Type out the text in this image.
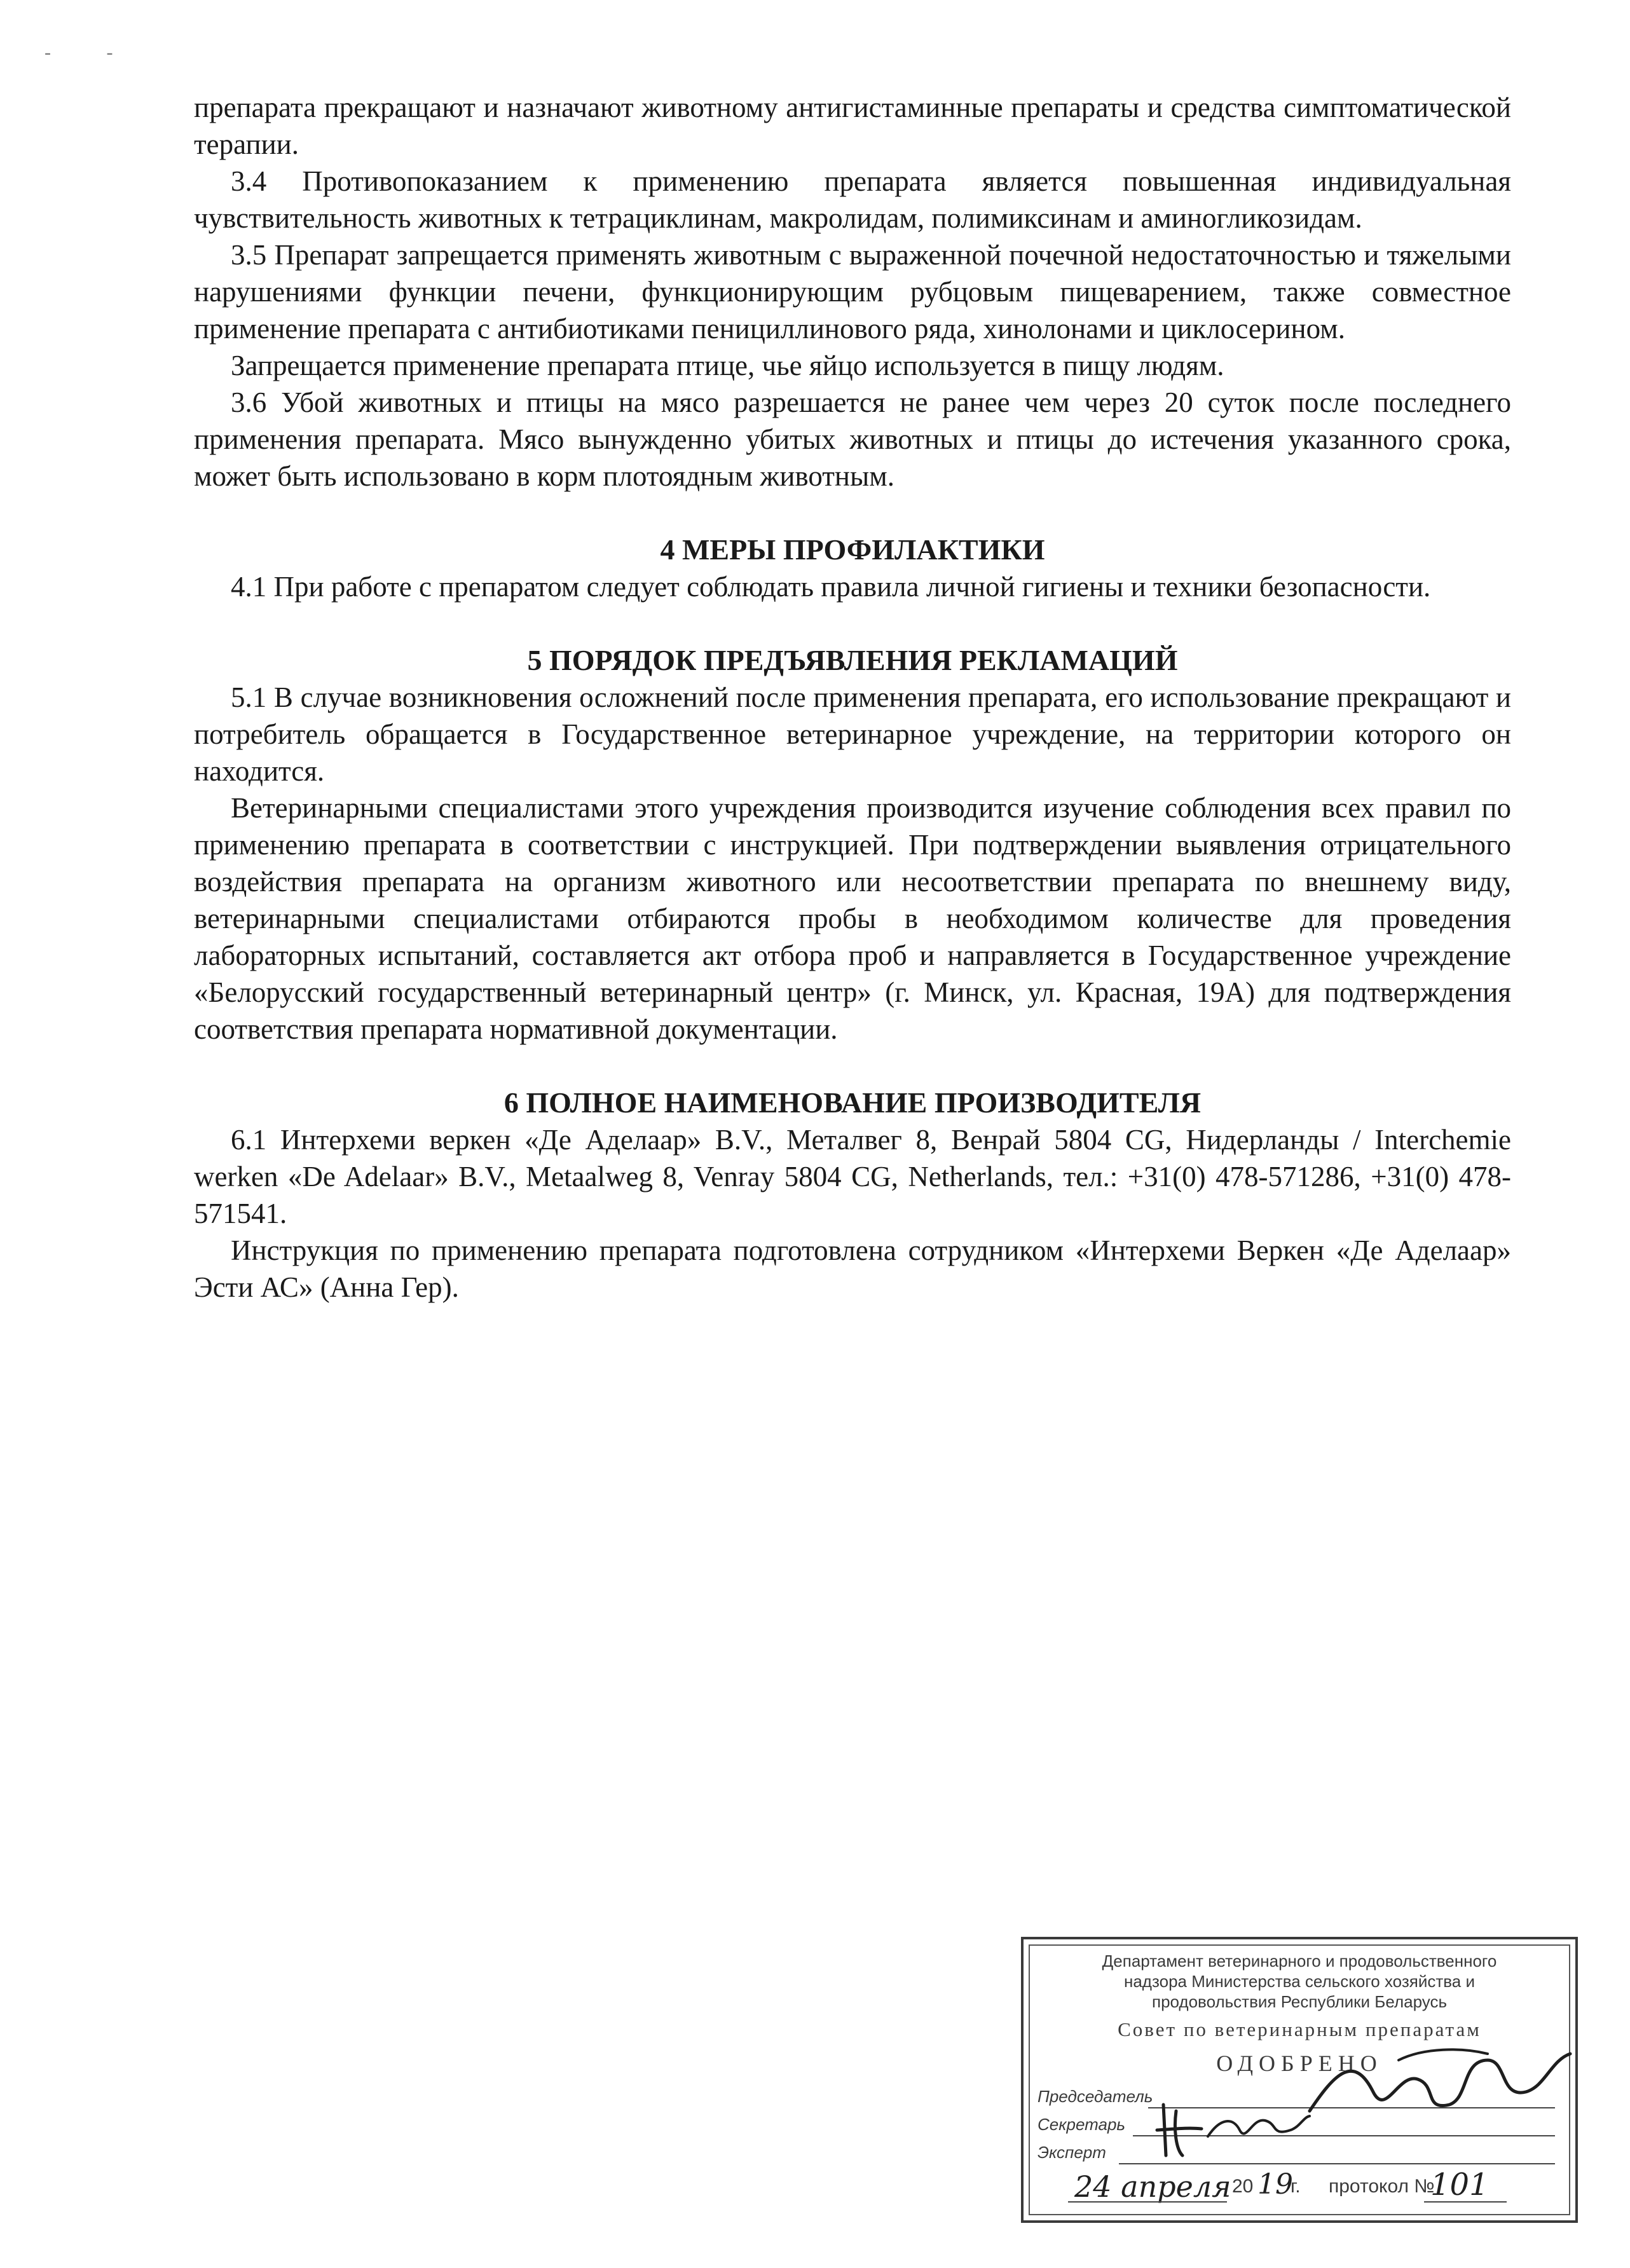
- -

препарата прекращают и назначают животному антигистаминные препараты и средства симптоматической терапии.

3.4 Противопоказанием к применению препарата является повышенная индивидуальная чувствительность животных к тетрациклинам, макролидам, полимиксинам и аминогликозидам.

3.5 Препарат запрещается применять животным с выраженной почечной недостаточностью и тяжелыми нарушениями функции печени, функционирующим рубцовым пищеварением, также совместное применение препарата с антибиотиками пенициллинового ряда, хинолонами и циклосерином.

Запрещается применение препарата птице, чье яйцо используется в пищу людям.

3.6 Убой животных и птицы на мясо разрешается не ранее чем через 20 суток после последнего применения препарата. Мясо вынужденно убитых животных и птицы до истечения указанного срока, может быть использовано в корм плотоядным животным.

4 МЕРЫ ПРОФИЛАКТИКИ

4.1 При работе с препаратом следует соблюдать правила личной гигиены и техники безопасности.

5 ПОРЯДОК ПРЕДЪЯВЛЕНИЯ РЕКЛАМАЦИЙ

5.1 В случае возникновения осложнений после применения препарата, его использование прекращают и потребитель обращается в Государственное ветеринарное учреждение, на территории которого он находится.

Ветеринарными специалистами этого учреждения производится изучение соблюдения всех правил по применению препарата в соответствии с инструкцией. При подтверждении выявления отрицательного воздействия препарата на организм животного или несоответствии препарата по внешнему виду, ветеринарными специалистами отбираются пробы в необходимом количестве для проведения лабораторных испытаний, составляется акт отбора проб и направляется в Государственное учреждение «Белорусский государственный ветеринарный центр» (г. Минск, ул. Красная, 19А) для подтверждения соответствия препарата нормативной документации.

6 ПОЛНОЕ НАИМЕНОВАНИЕ ПРОИЗВОДИТЕЛЯ

6.1 Интерхеми веркен «Де Аделаар» B.V., Металвег 8, Венрай 5804 CG, Нидерланды / Interchemie werken «De Adelaar» B.V., Metaalweg 8, Venray 5804 CG, Netherlands, тел.: +31(0) 478-571286, +31(0) 478-571541.

Инструкция по применению препарата подготовлена сотрудником «Интерхеми Веркен «Де Аделаар» Эсти АС» (Анна Гер).

Департамент ветеринарного и продовольственного
надзора Министерства сельского хозяйства и
продовольствия Республики Беларусь
Совет по ветеринарным препаратам
ОДОБРЕНО
Председатель
Секретарь
Эксперт
24 апреля 20 19
г. протокол №
101
